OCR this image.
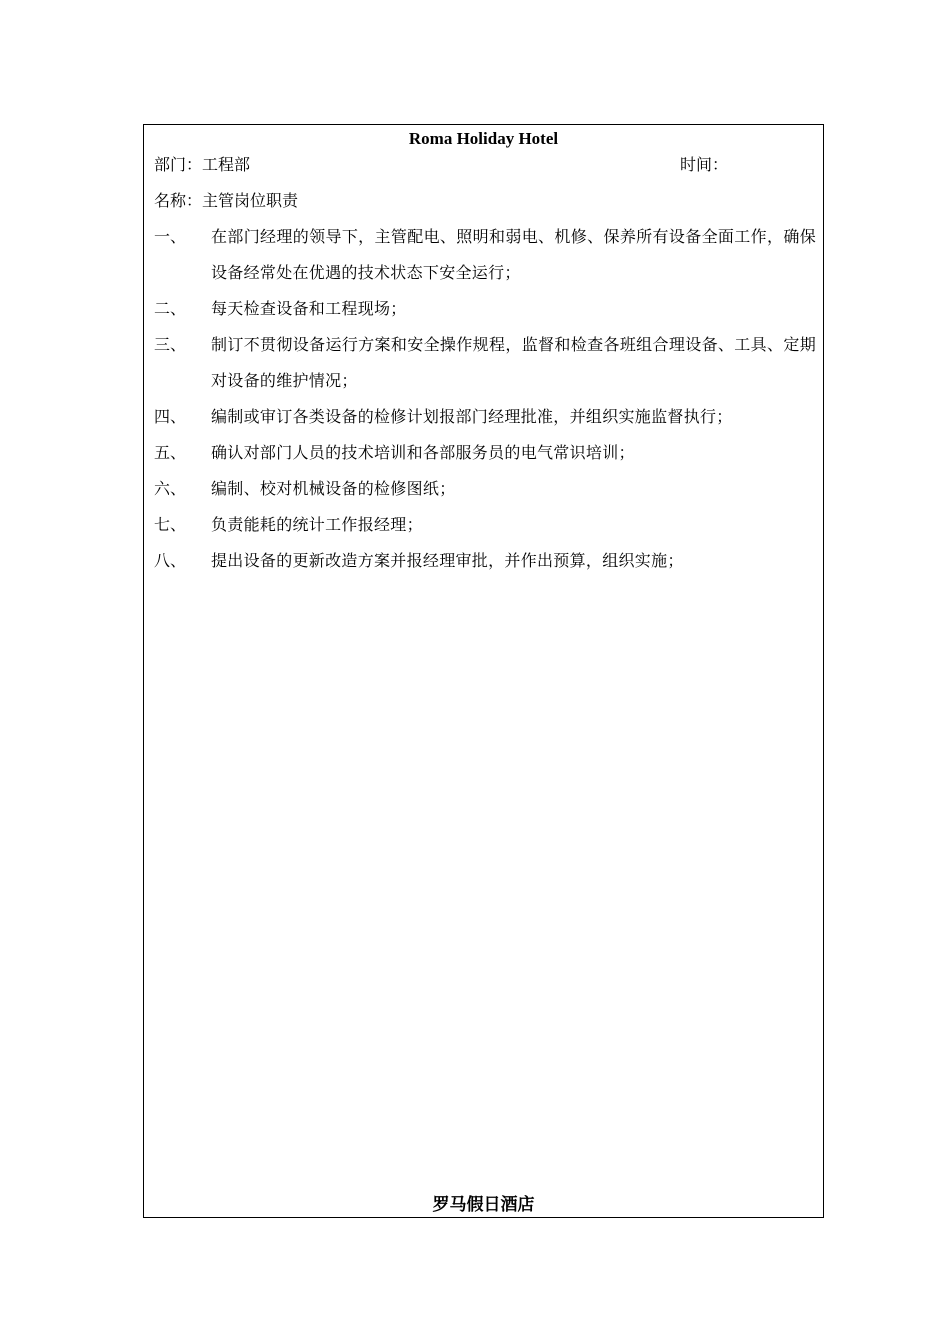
Roma Holiday Hotel
部门：工程部	时间：
名称：主管岗位职责
一、	在部门经理的领导下，主管配电、照明和弱电、机修、保养所有设备全面工作，确保设备经常处在优遇的技术状态下安全运行；
二、	每天检查设备和工程现场；
三、	制订不贯彻设备运行方案和安全操作规程，监督和检查各班组合理设备、工具、定期对设备的维护情况；
四、	编制或审订各类设备的检修计划报部门经理批准，并组织实施监督执行；
五、	确认对部门人员的技术培训和各部服务员的电气常识培训；
六、	编制、校对机械设备的检修图纸；
七、	负责能耗的统计工作报经理；
八、	提出设备的更新改造方案并报经理审批，并作出预算，组织实施；
罗马假日酒店
